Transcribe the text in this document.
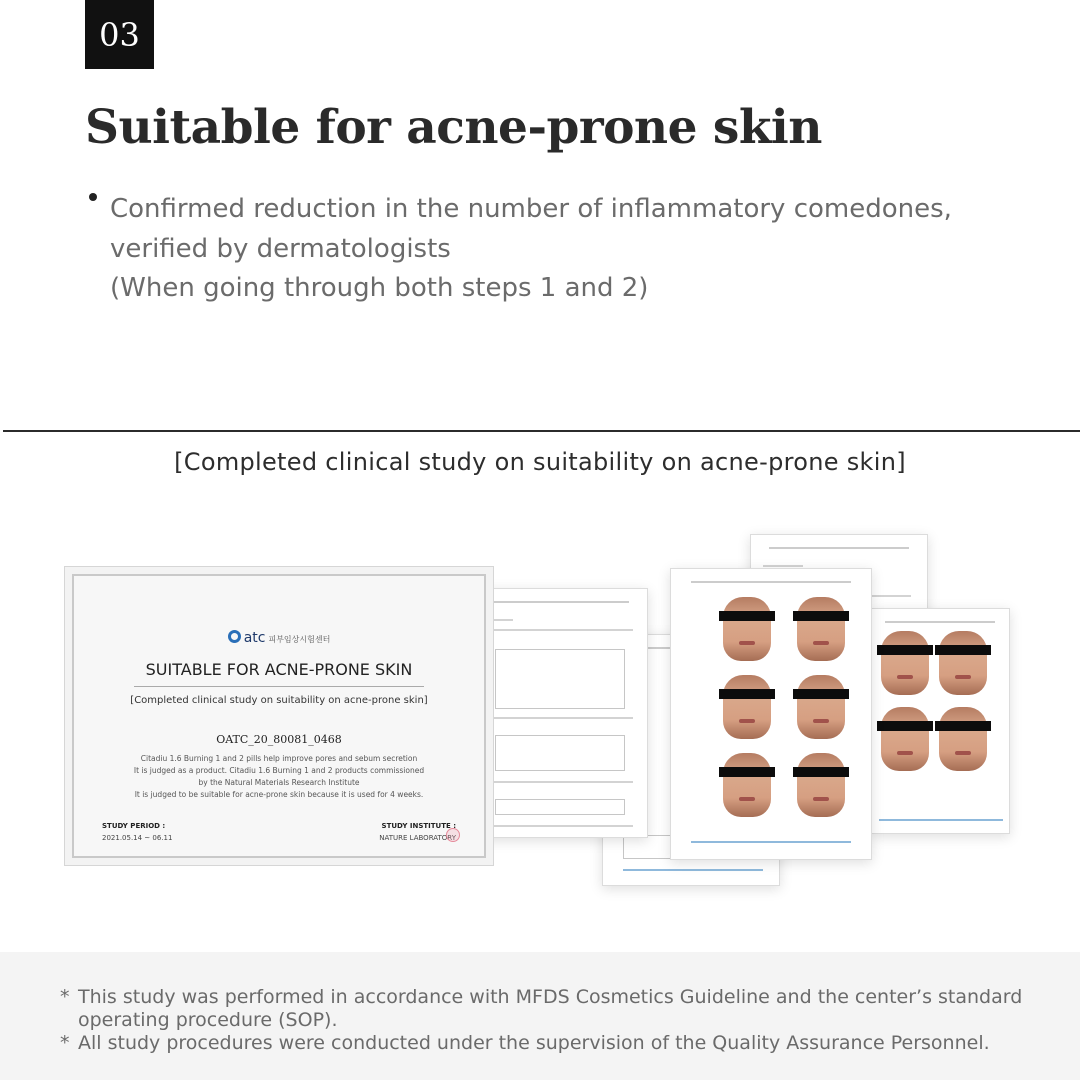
03
Suitable for acne-prone skin
Confirmed reduction in the number of inflammatory comedones,
verified by dermatologists
(When going through both steps 1 and 2)
[Completed clinical study on suitability on acne-prone skin]
atc 피부임상시험센터
SUITABLE FOR ACNE-PRONE SKIN
[Completed clinical study on suitability on acne-prone skin]
OATC_20_80081_0468
Citadiu 1.6 Burning 1 and 2 pills help improve pores and sebum secretion
It is judged as a product. Citadiu 1.6 Burning 1 and 2 products commissioned
by the Natural Materials Research Institute
It is judged to be suitable for acne-prone skin because it is used for 4 weeks.
STUDY PERIOD :
2021.05.14 ~ 06.11
STUDY INSTITUTE :
NATURE LABORATORY
* This study was performed in accordance with MFDS Cosmetics Guideline and the center’s standard
operating procedure (SOP).
* All study procedures were conducted under the supervision of the Quality Assurance Personnel.
